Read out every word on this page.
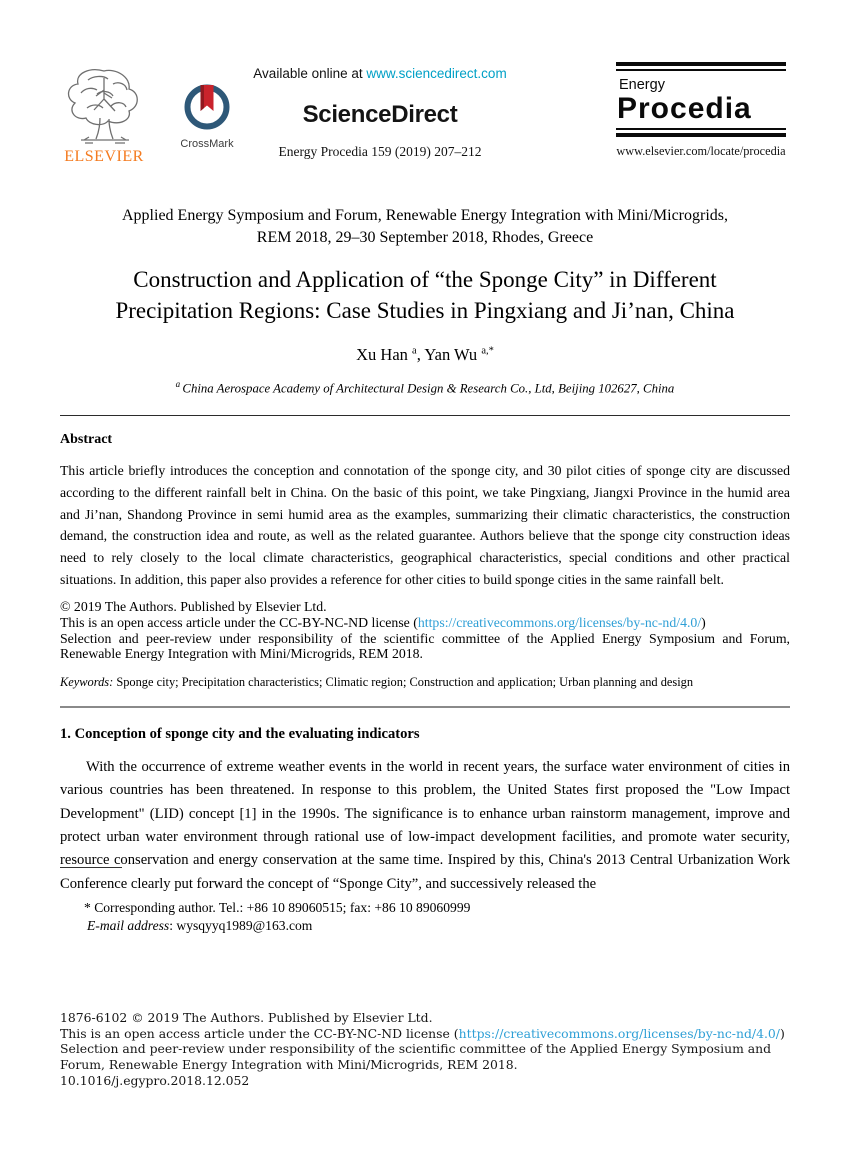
ELSEVIER
CrossMark
Available online at www.sciencedirect.com
ScienceDirect
Energy Procedia 159 (2019) 207–212
Energy
Procedia
www.elsevier.com/locate/procedia
Applied Energy Symposium and Forum, Renewable Energy Integration with Mini/Microgrids,
REM 2018, 29–30 September 2018, Rhodes, Greece
Construction and Application of “the Sponge City” in Different
Precipitation Regions: Case Studies in Pingxiang and Ji’nan, China
Xu Han $^a$, Yan Wu $^{a,*}$
$^a$ China Aerospace Academy of Architectural Design & Research Co., Ltd, Beijing 102627, China
Abstract
This article briefly introduces the conception and connotation of the sponge city, and 30 pilot cities of sponge city are discussed according to the different rainfall belt in China. On the basic of this point, we take Pingxiang, Jiangxi Province in the humid area and Ji’nan, Shandong Province in semi humid area as the examples, summarizing their climatic characteristics, the construction demand, the construction idea and route, as well as the related guarantee. Authors believe that the sponge city construction ideas need to rely closely to the local climate characteristics, geographical characteristics, special conditions and other practical situations. In addition, this paper also provides a reference for other cities to build sponge cities in the same rainfall belt.
© 2019 The Authors. Published by Elsevier Ltd.
This is an open access article under the CC-BY-NC-ND license (https://creativecommons.org/licenses/by-nc-nd/4.0/)
Selection and peer-review under responsibility of the scientific committee of the Applied Energy Symposium and Forum, Renewable Energy Integration with Mini/Microgrids, REM 2018.
Keywords: Sponge city; Precipitation characteristics; Climatic region; Construction and application; Urban planning and design
1. Conception of sponge city and the evaluating indicators
With the occurrence of extreme weather events in the world in recent years, the surface water environment of cities in various countries has been threatened. In response to this problem, the United States first proposed the "Low Impact Development" (LID) concept [1] in the 1990s. The significance is to enhance urban rainstorm management, improve and protect urban water environment through rational use of low-impact development facilities, and promote water security, resource conservation and energy conservation at the same time. Inspired by this, China's 2013 Central Urbanization Work Conference clearly put forward the concept of “Sponge City”, and successively released the
* Corresponding author. Tel.: +86 10 89060515; fax: +86 10 89060999
E-mail address: wysqyyq1989@163.com
1876-6102 © 2019 The Authors. Published by Elsevier Ltd.
This is an open access article under the CC-BY-NC-ND license (https://creativecommons.org/licenses/by-nc-nd/4.0/)
Selection and peer-review under responsibility of the scientific committee of the Applied Energy Symposium and Forum, Renewable Energy Integration with Mini/Microgrids, REM 2018.
10.1016/j.egypro.2018.12.052
